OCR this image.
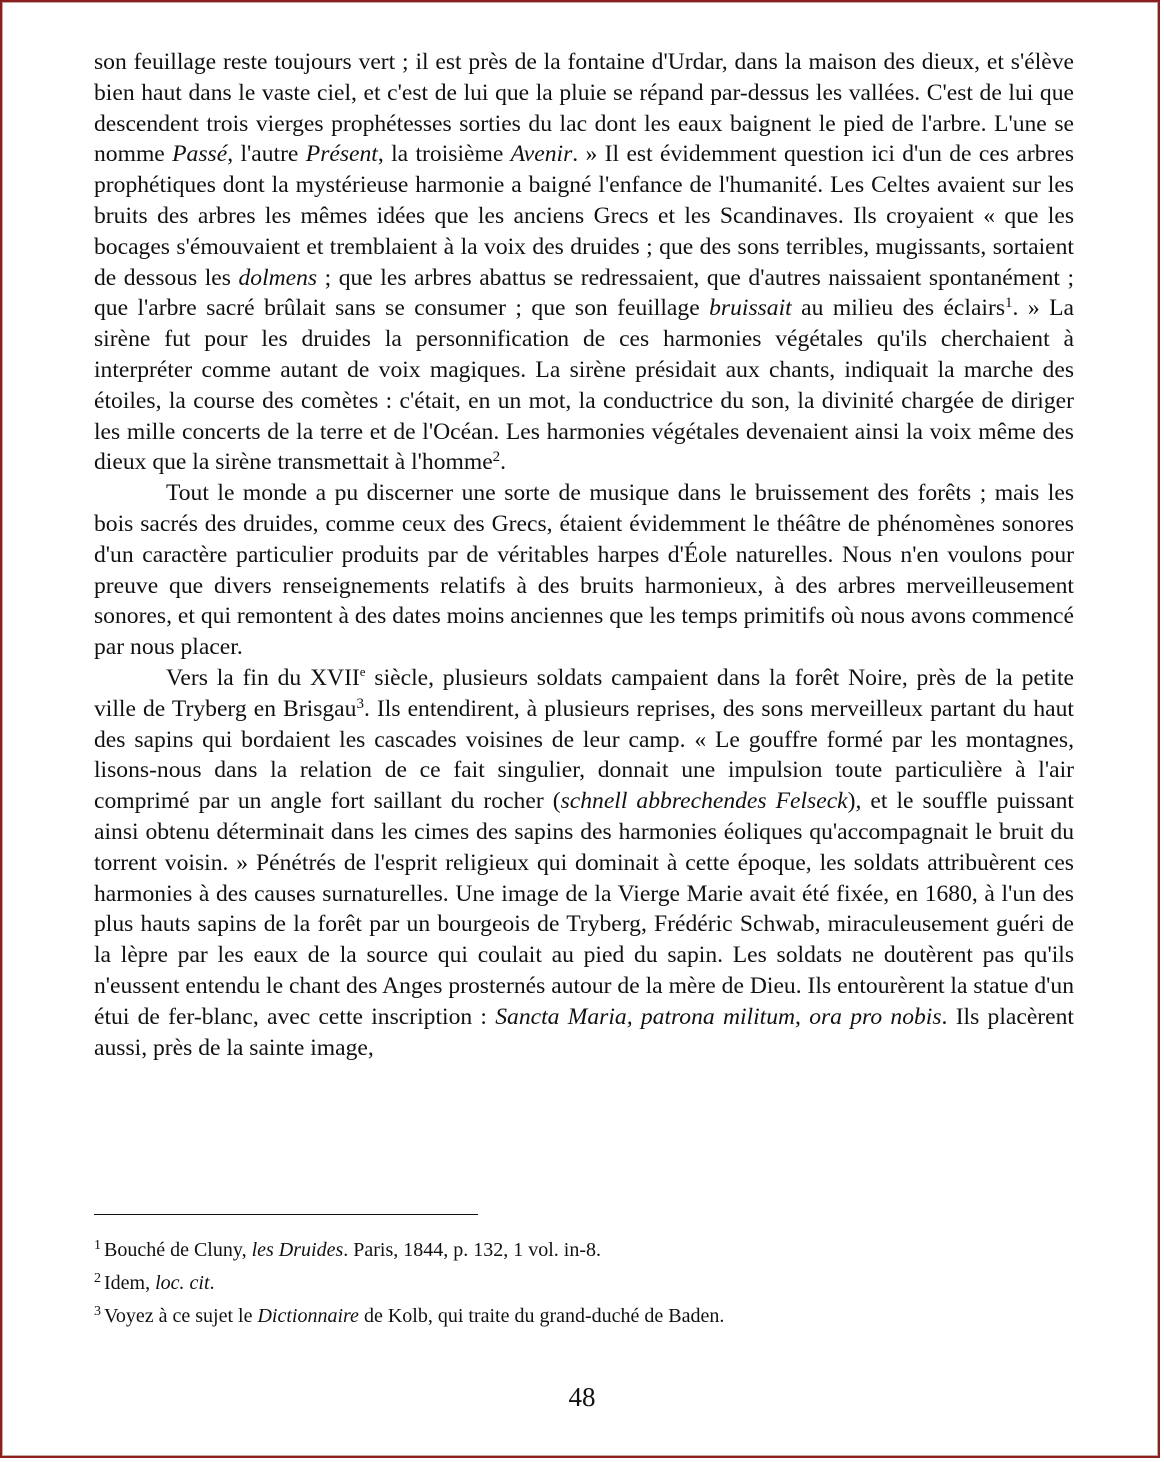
son feuillage reste toujours vert ; il est près de la fontaine d'Urdar, dans la maison des dieux, et s'élève bien haut dans le vaste ciel, et c'est de lui que la pluie se répand par-dessus les vallées. C'est de lui que descendent trois vierges prophétesses sorties du lac dont les eaux baignent le pied de l'arbre. L'une se nomme Passé, l'autre Présent, la troisième Avenir. » Il est évidemment question ici d'un de ces arbres prophétiques dont la mystérieuse harmonie a baigné l'enfance de l'humanité. Les Celtes avaient sur les bruits des arbres les mêmes idées que les anciens Grecs et les Scandinaves. Ils croyaient « que les bocages s'émouvaient et tremblaient à la voix des druides ; que des sons terribles, mugissants, sortaient de dessous les dolmens ; que les arbres abattus se redressaient, que d'autres naissaient spontanément ; que l'arbre sacré brûlait sans se consumer ; que son feuillage bruissait au milieu des éclairs$^1$. » La sirène fut pour les druides la personnification de ces harmonies végétales qu'ils cherchaient à interpréter comme autant de voix magiques. La sirène présidait aux chants, indiquait la marche des étoiles, la course des comètes : c'était, en un mot, la conductrice du son, la divinité chargée de diriger les mille concerts de la terre et de l'Océan. Les harmonies végétales devenaient ainsi la voix même des dieux que la sirène transmettait à l'homme$^2$.

Tout le monde a pu discerner une sorte de musique dans le bruissement des forêts ; mais les bois sacrés des druides, comme ceux des Grecs, étaient évidemment le théâtre de phénomènes sonores d'un caractère particulier produits par de véritables harpes d'Éole naturelles. Nous n'en voulons pour preuve que divers renseignements relatifs à des bruits harmonieux, à des arbres merveilleusement sonores, et qui remontent à des dates moins anciennes que les temps primitifs où nous avons commencé par nous placer.

Vers la fin du XVIIe siècle, plusieurs soldats campaient dans la forêt Noire, près de la petite ville de Tryberg en Brisgau$^3$. Ils entendirent, à plusieurs reprises, des sons merveilleux partant du haut des sapins qui bordaient les cascades voisines de leur camp. « Le gouffre formé par les montagnes, lisons-nous dans la relation de ce fait singulier, donnait une impulsion toute particulière à l'air comprimé par un angle fort saillant du rocher (schnell abbrechendes Felseck), et le souffle puissant ainsi obtenu déterminait dans les cimes des sapins des harmonies éoliques qu'accompagnait le bruit du torrent voisin. » Pénétrés de l'esprit religieux qui dominait à cette époque, les soldats attribuèrent ces harmonies à des causes surnaturelles. Une image de la Vierge Marie avait été fixée, en 1680, à l'un des plus hauts sapins de la forêt par un bourgeois de Tryberg, Frédéric Schwab, miraculeusement guéri de la lèpre par les eaux de la source qui coulait au pied du sapin. Les soldats ne doutèrent pas qu'ils n'eussent entendu le chant des Anges prosternés autour de la mère de Dieu. Ils entourèrent la statue d'un étui de fer-blanc, avec cette inscription : Sancta Maria, patrona militum, ora pro nobis. Ils placèrent aussi, près de la sainte image,

$^1$ Bouché de Cluny, les Druides. Paris, 1844, p. 132, 1 vol. in-8.

$^2$ Idem, loc. cit.

$^3$ Voyez à ce sujet le Dictionnaire de Kolb, qui traite du grand-duché de Baden.

48
